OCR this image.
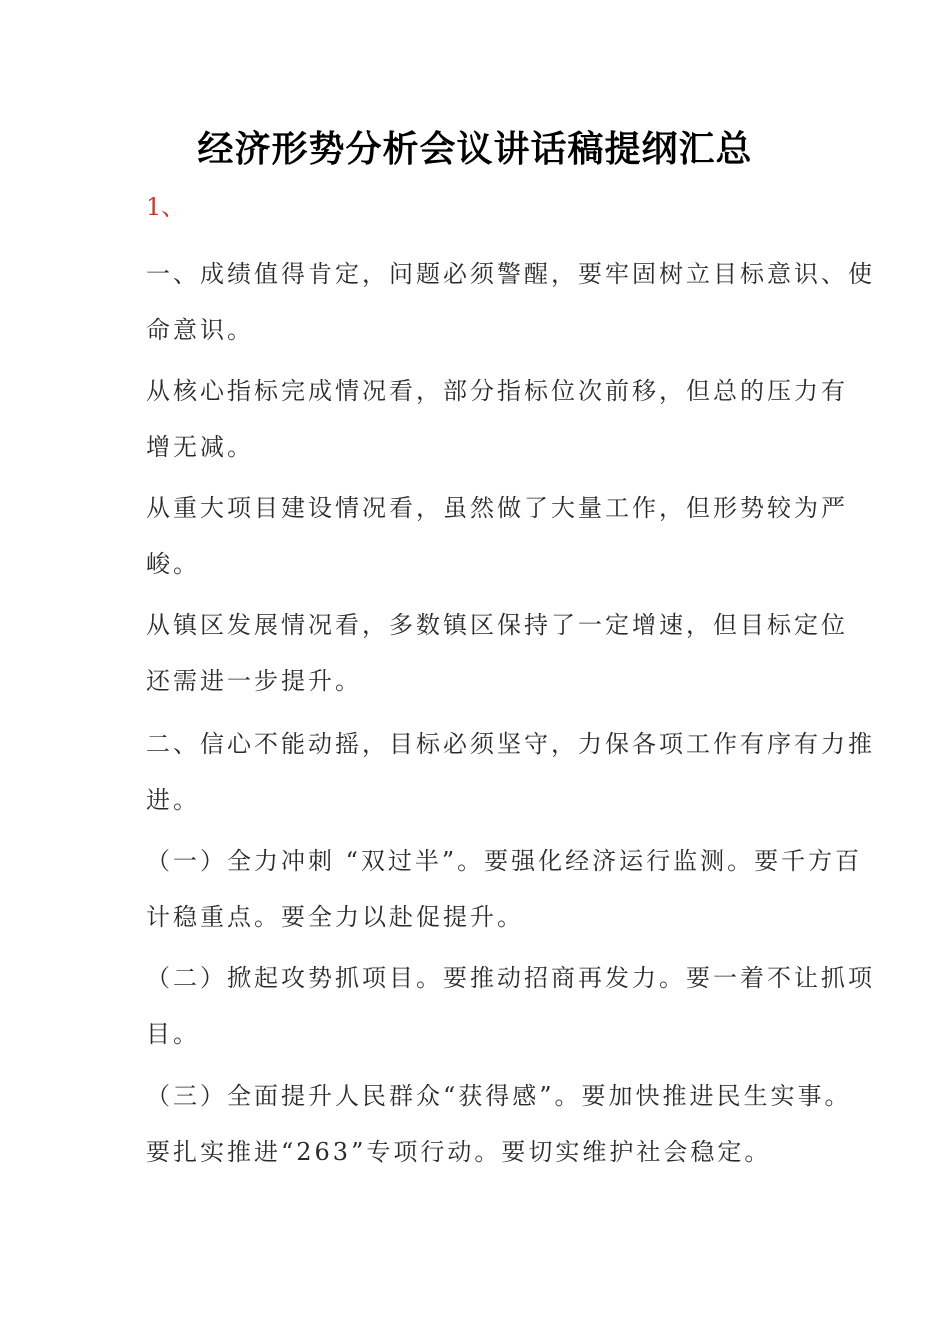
经济形势分析会议讲话稿提纲汇总
1、
一、成绩值得肯定，问题必须警醒，要牢固树立目标意识、使
命意识。
从核心指标完成情况看，部分指标位次前移，但总的压力有
增无减。
从重大项目建设情况看，虽然做了大量工作，但形势较为严
峻。
从镇区发展情况看，多数镇区保持了一定增速，但目标定位
还需进一步提升。
二、信心不能动摇，目标必须坚守，力保各项工作有序有力推
进。
（一）全力冲刺 “双过半”。要强化经济运行监测。要千方百
计稳重点。要全力以赴促提升。
（二）掀起攻势抓项目。要推动招商再发力。要一着不让抓项
目。
（三）全面提升人民群众“获得感”。要加快推进民生实事。
要扎实推进“263”专项行动。要切实维护社会稳定。
